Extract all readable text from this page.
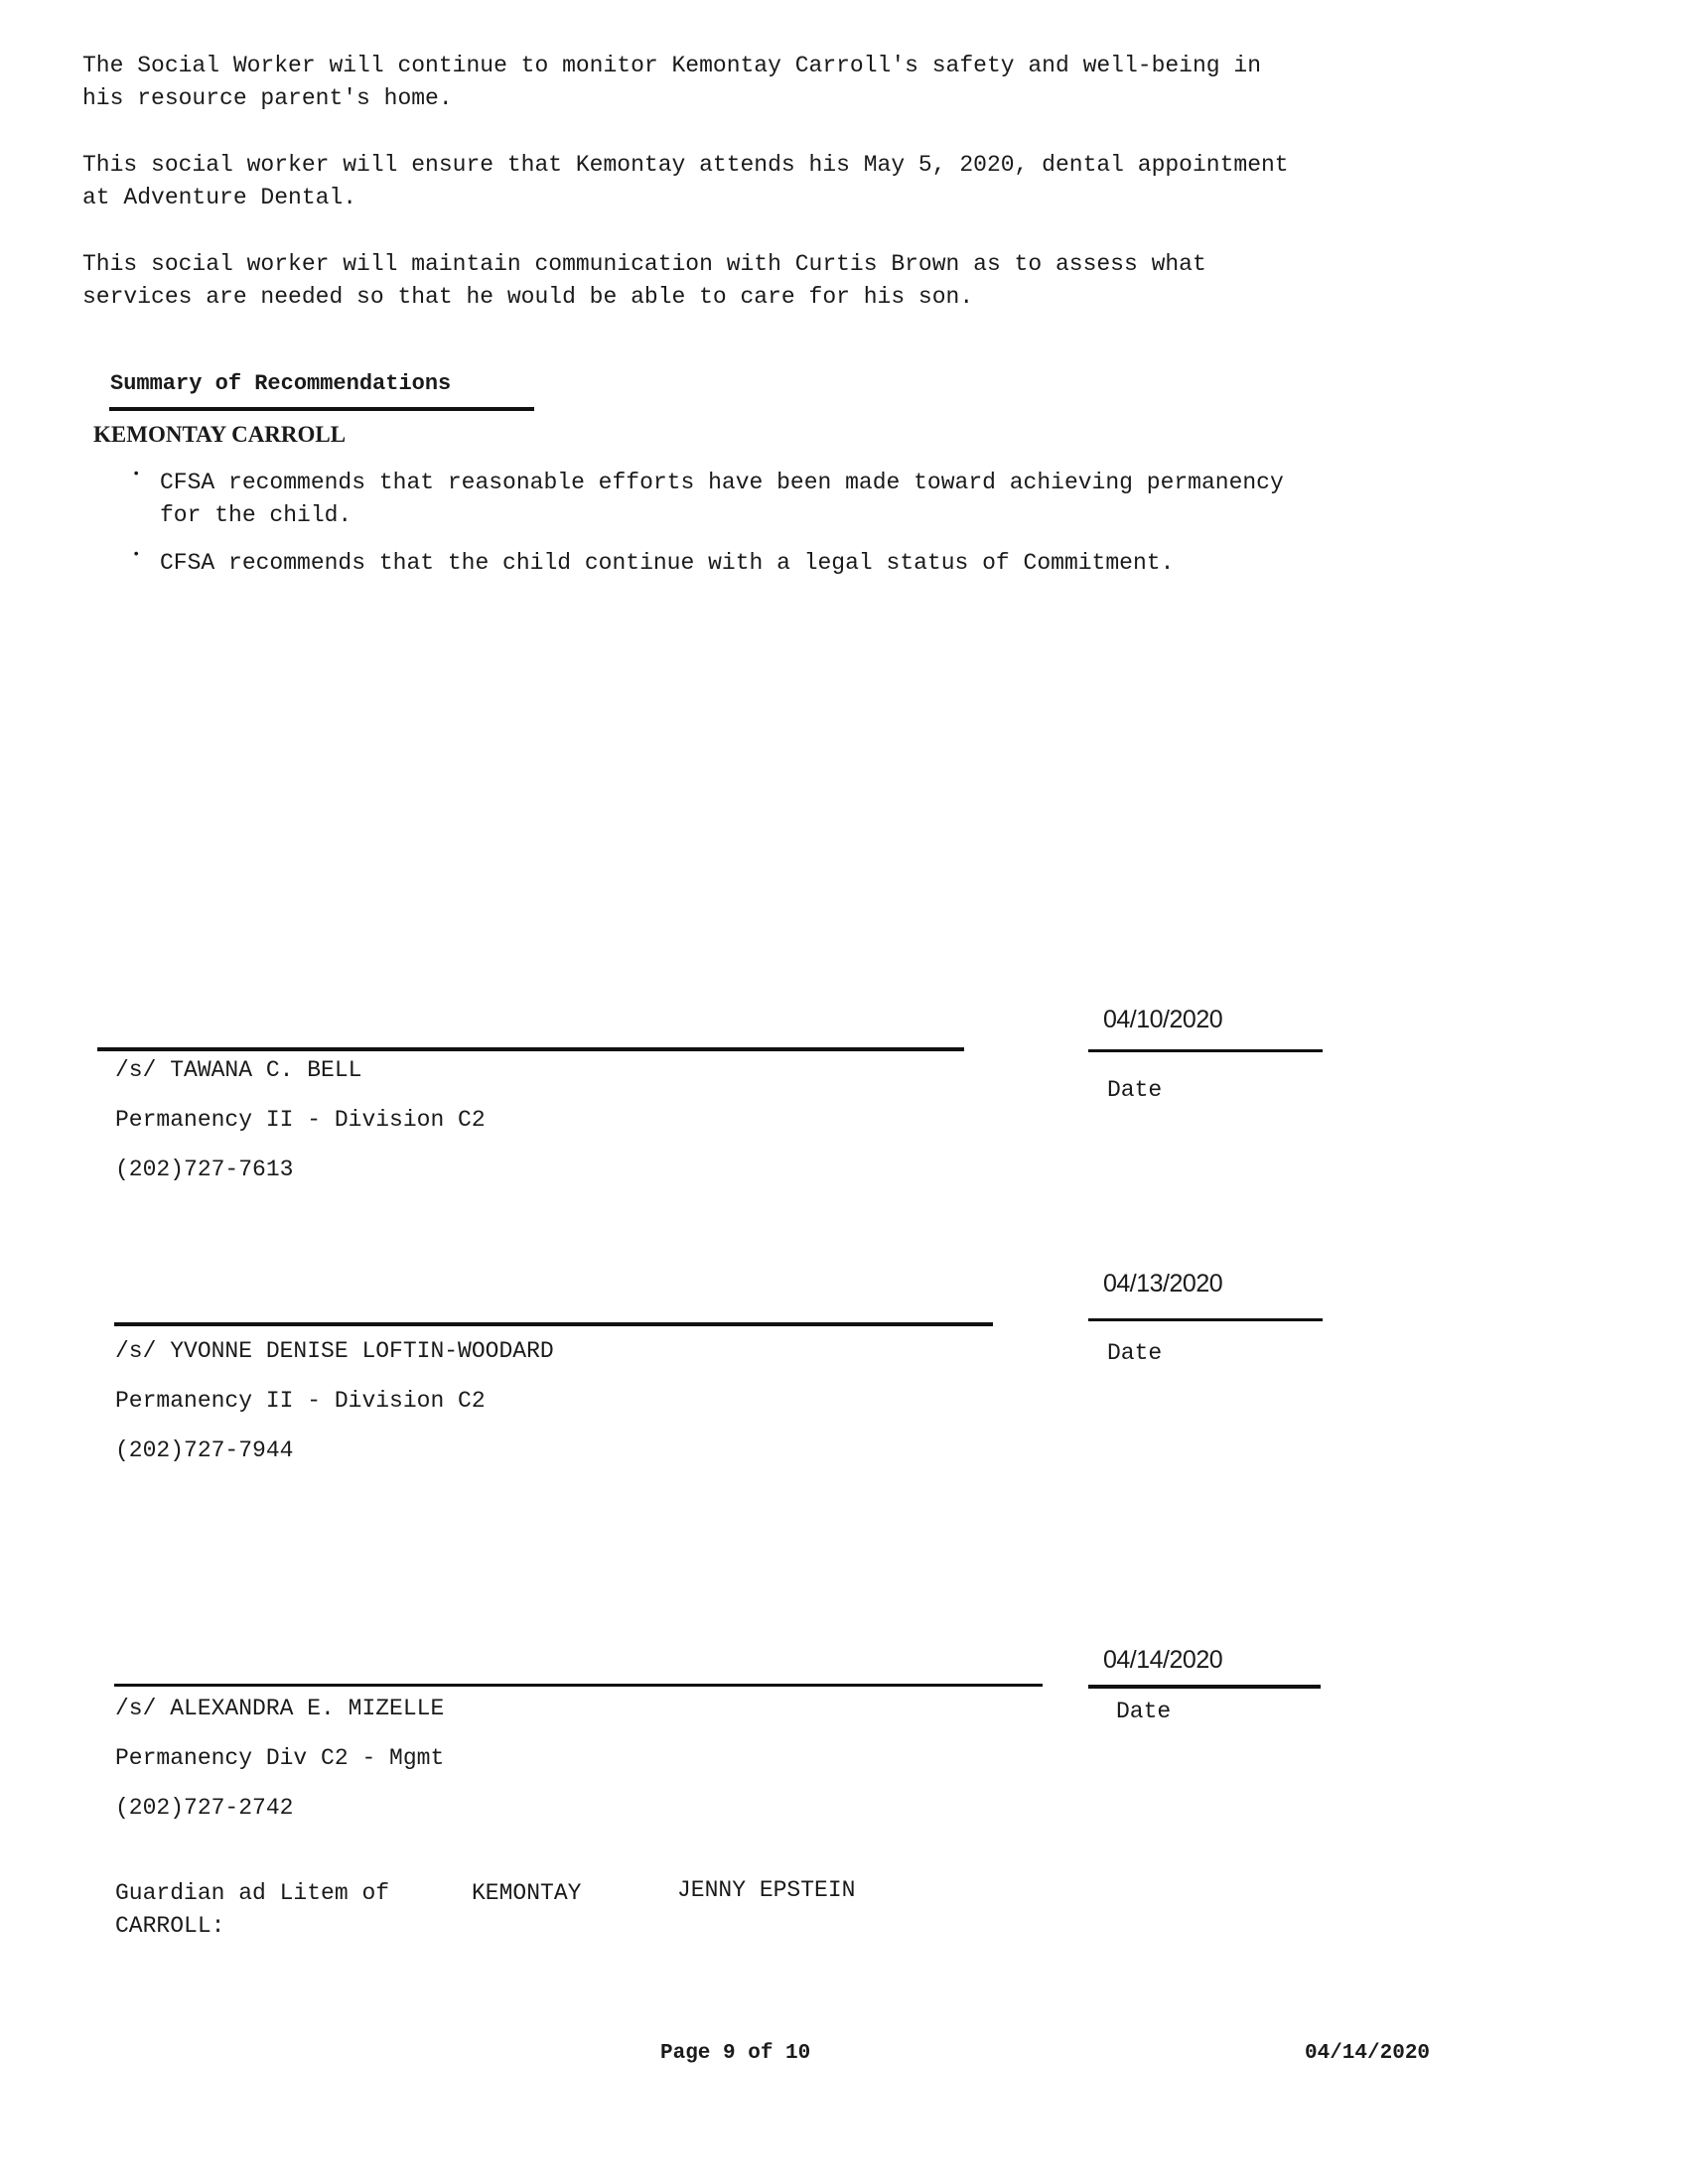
The Social Worker will continue to monitor Kemontay Carroll's safety and well-being in
his resource parent's home.
This social worker will ensure that Kemontay attends his May 5, 2020, dental appointment
at Adventure Dental.
This social worker will maintain communication with Curtis Brown as to assess what
services are needed so that he would be able to care for his son.
Summary of Recommendations
KEMONTAY CARROLL
• CFSA recommends that reasonable efforts have been made toward achieving permanency
for the child.
• CFSA recommends that the child continue with a legal status of Commitment.
04/10/2020
/s/ TAWANA C. BELL
Date
Permanency II - Division C2
(202)727-7613
04/13/2020
/s/ YVONNE DENISE LOFTIN-WOODARD	Date
Permanency II - Division C2
(202)727-7944
04/14/2020
/s/ ALEXANDRA E. MIZELLE	Date
Permanency Div C2 - Mgmt
(202)727-2742
Guardian ad Litem of	KEMONTAY	JENNY EPSTEIN
CARROLL:
Page 9 of 10	04/14/2020
